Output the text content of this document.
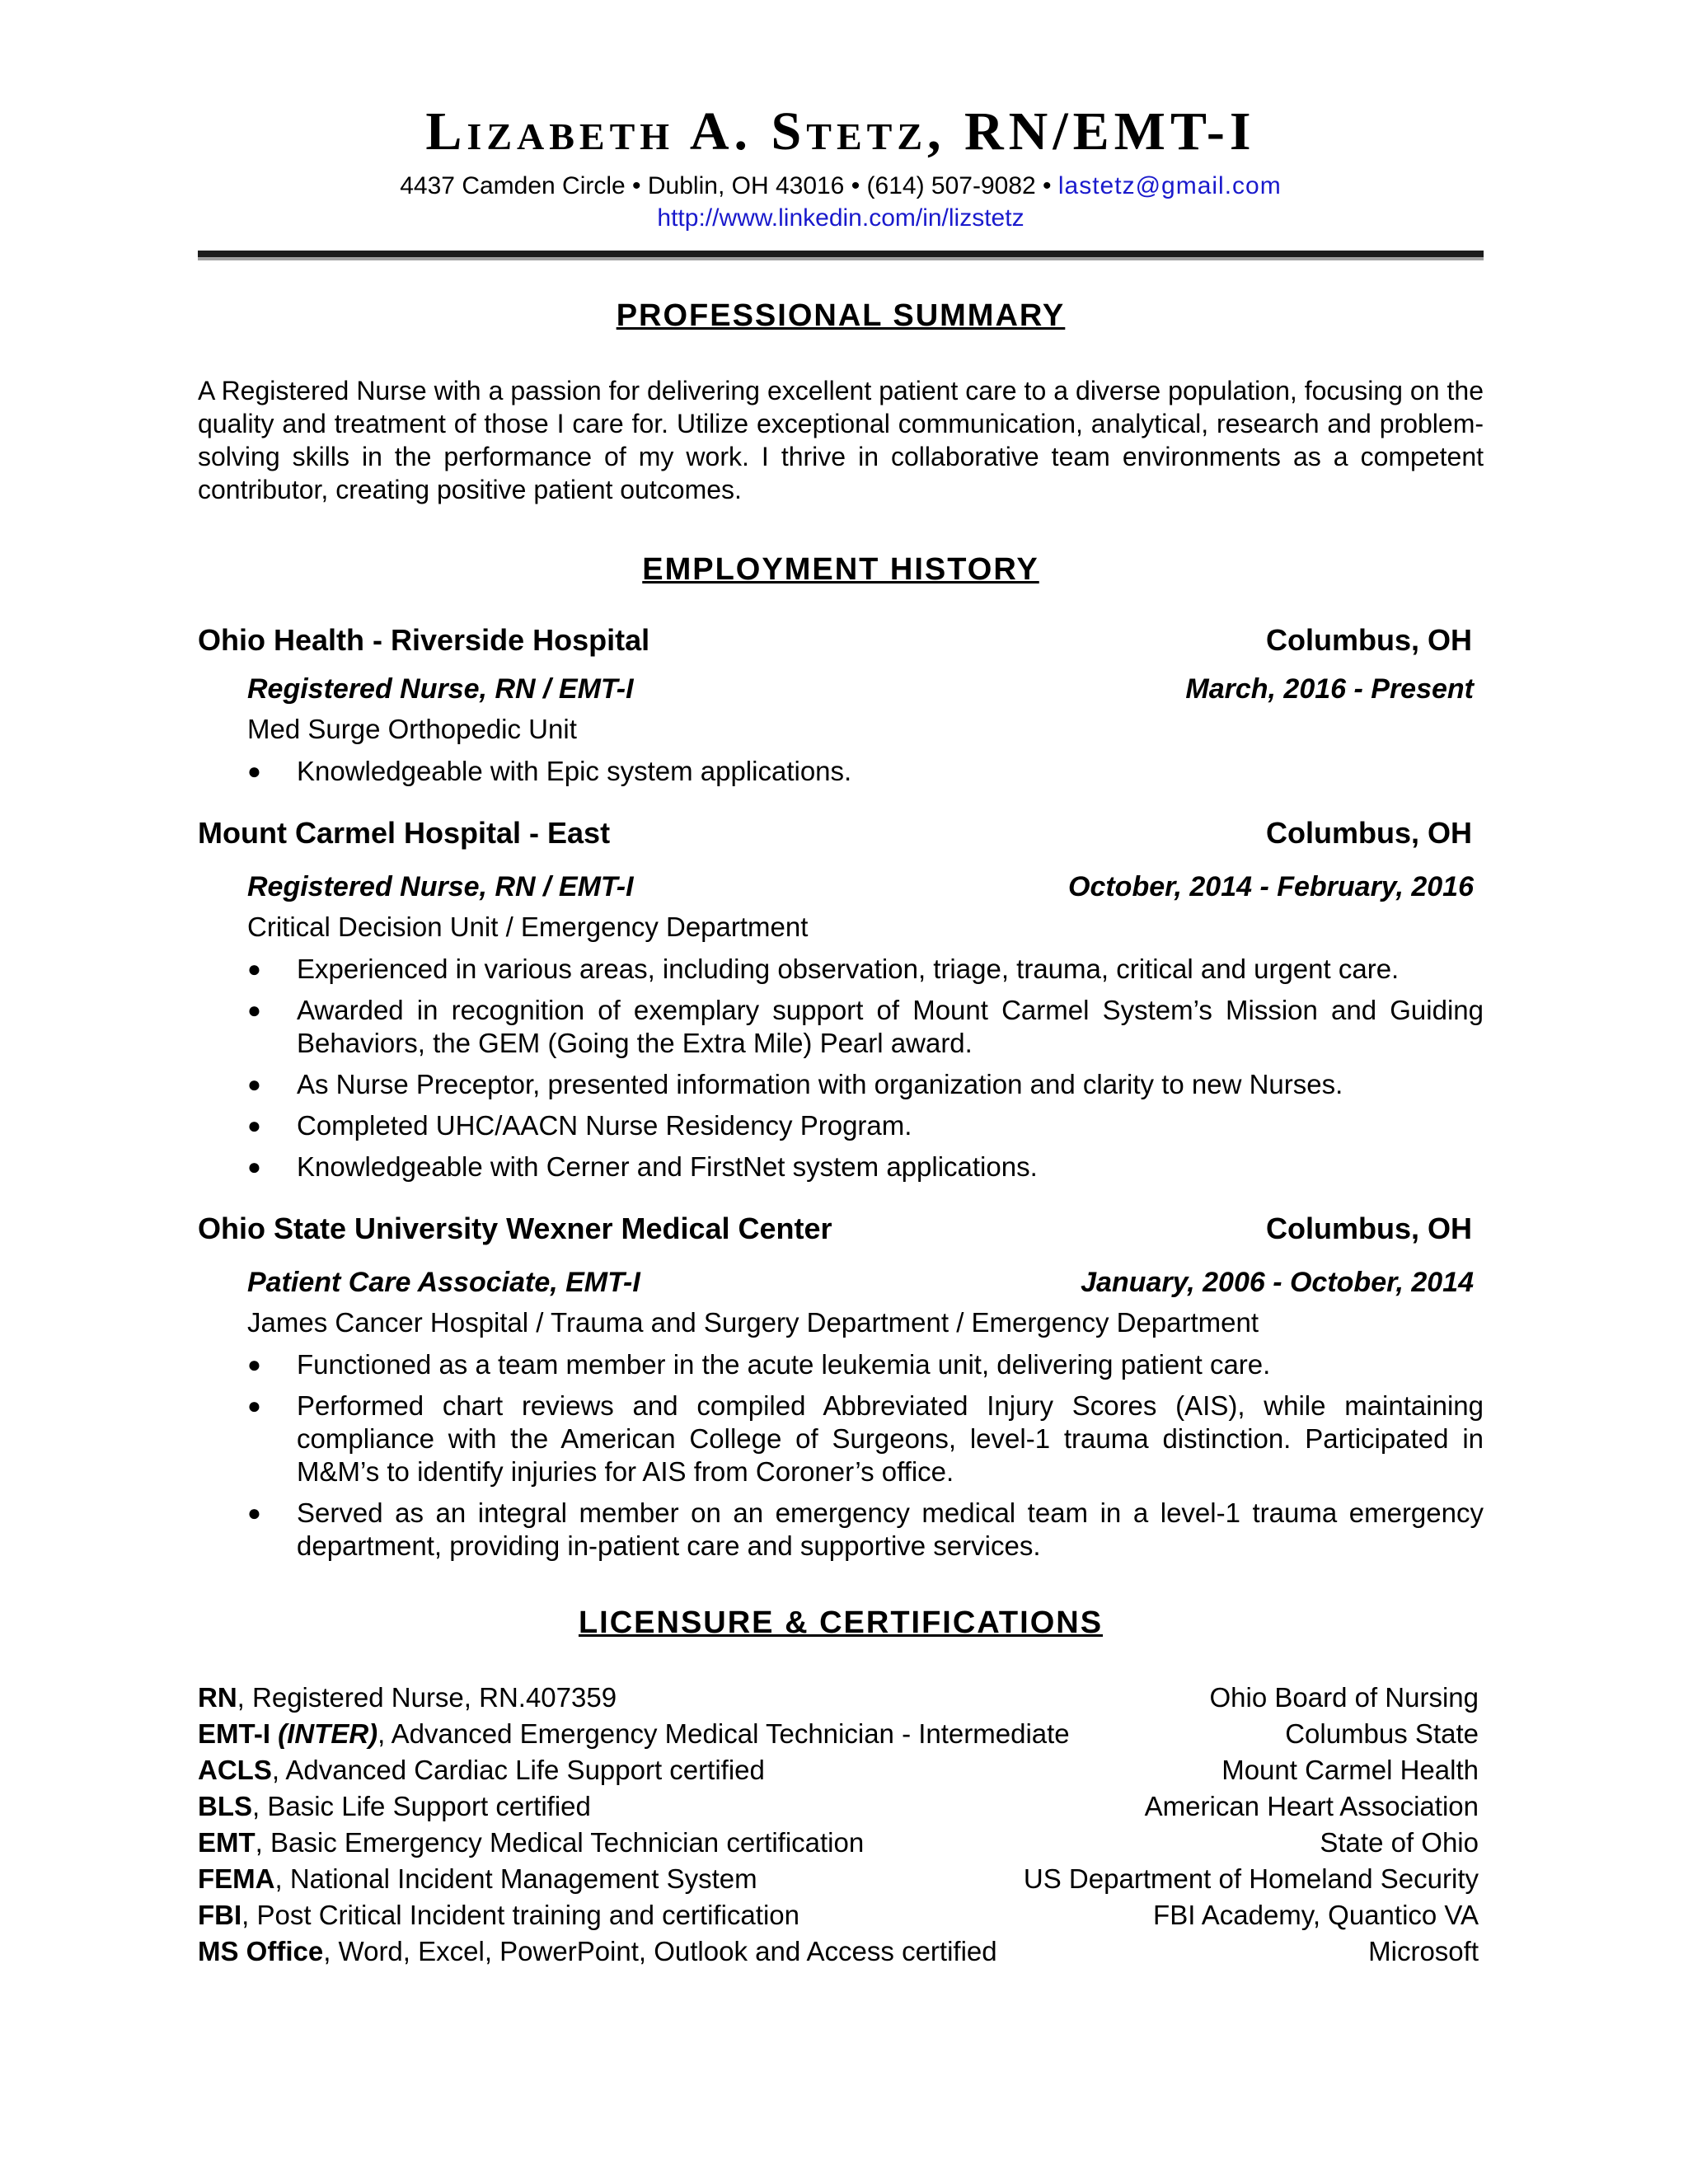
Lizabeth A. Stetz, RN/EMT-I
4437 Camden Circle • Dublin, OH 43016 • (614) 507-9082 • lastetz@gmail.com
http://www.linkedin.com/in/lizstetz
PROFESSIONAL SUMMARY

A Registered Nurse with a passion for delivering excellent patient care to a diverse population, focusing on the quality and treatment of those I care for. Utilize exceptional communication, analytical, research and problem-solving skills in the performance of my work. I thrive in collaborative team environments as a competent contributor, creating positive patient outcomes.

EMPLOYMENT HISTORY
Ohio Health - Riverside Hospital	Columbus, OH
Registered Nurse, RN / EMT-I	March, 2016 - Present
Med Surge Orthopedic Unit
● Knowledgeable with Epic system applications.
Mount Carmel Hospital - East	Columbus, OH
Registered Nurse, RN / EMT-I	October, 2014 - February, 2016
Critical Decision Unit / Emergency Department
● Experienced in various areas, including observation, triage, trauma, critical and urgent care.
● Awarded in recognition of exemplary support of Mount Carmel System’s Mission and Guiding Behaviors, the GEM (Going the Extra Mile) Pearl award.
● As Nurse Preceptor, presented information with organization and clarity to new Nurses.
● Completed UHC/AACN Nurse Residency Program.
● Knowledgeable with Cerner and FirstNet system applications.
Ohio State University Wexner Medical Center	Columbus, OH
Patient Care Associate, EMT-I	January, 2006 - October, 2014
James Cancer Hospital / Trauma and Surgery Department / Emergency Department
● Functioned as a team member in the acute leukemia unit, delivering patient care.
● Performed chart reviews and compiled Abbreviated Injury Scores (AIS), while maintaining compliance with the American College of Surgeons, level-1 trauma distinction. Participated in M&M’s to identify injuries for AIS from Coroner’s office.
● Served as an integral member on an emergency medical team in a level-1 trauma emergency department, providing in-patient care and supportive services.
LICENSURE & CERTIFICATIONS
RN, Registered Nurse, RN.407359	Ohio Board of Nursing
EMT-I (INTER), Advanced Emergency Medical Technician - Intermediate	Columbus State
ACLS, Advanced Cardiac Life Support certified	Mount Carmel Health
BLS, Basic Life Support certified	American Heart Association
EMT, Basic Emergency Medical Technician certification	State of Ohio
FEMA, National Incident Management System	US Department of Homeland Security
FBI, Post Critical Incident training and certification	FBI Academy, Quantico VA
MS Office, Word, Excel, PowerPoint, Outlook and Access certified	Microsoft
